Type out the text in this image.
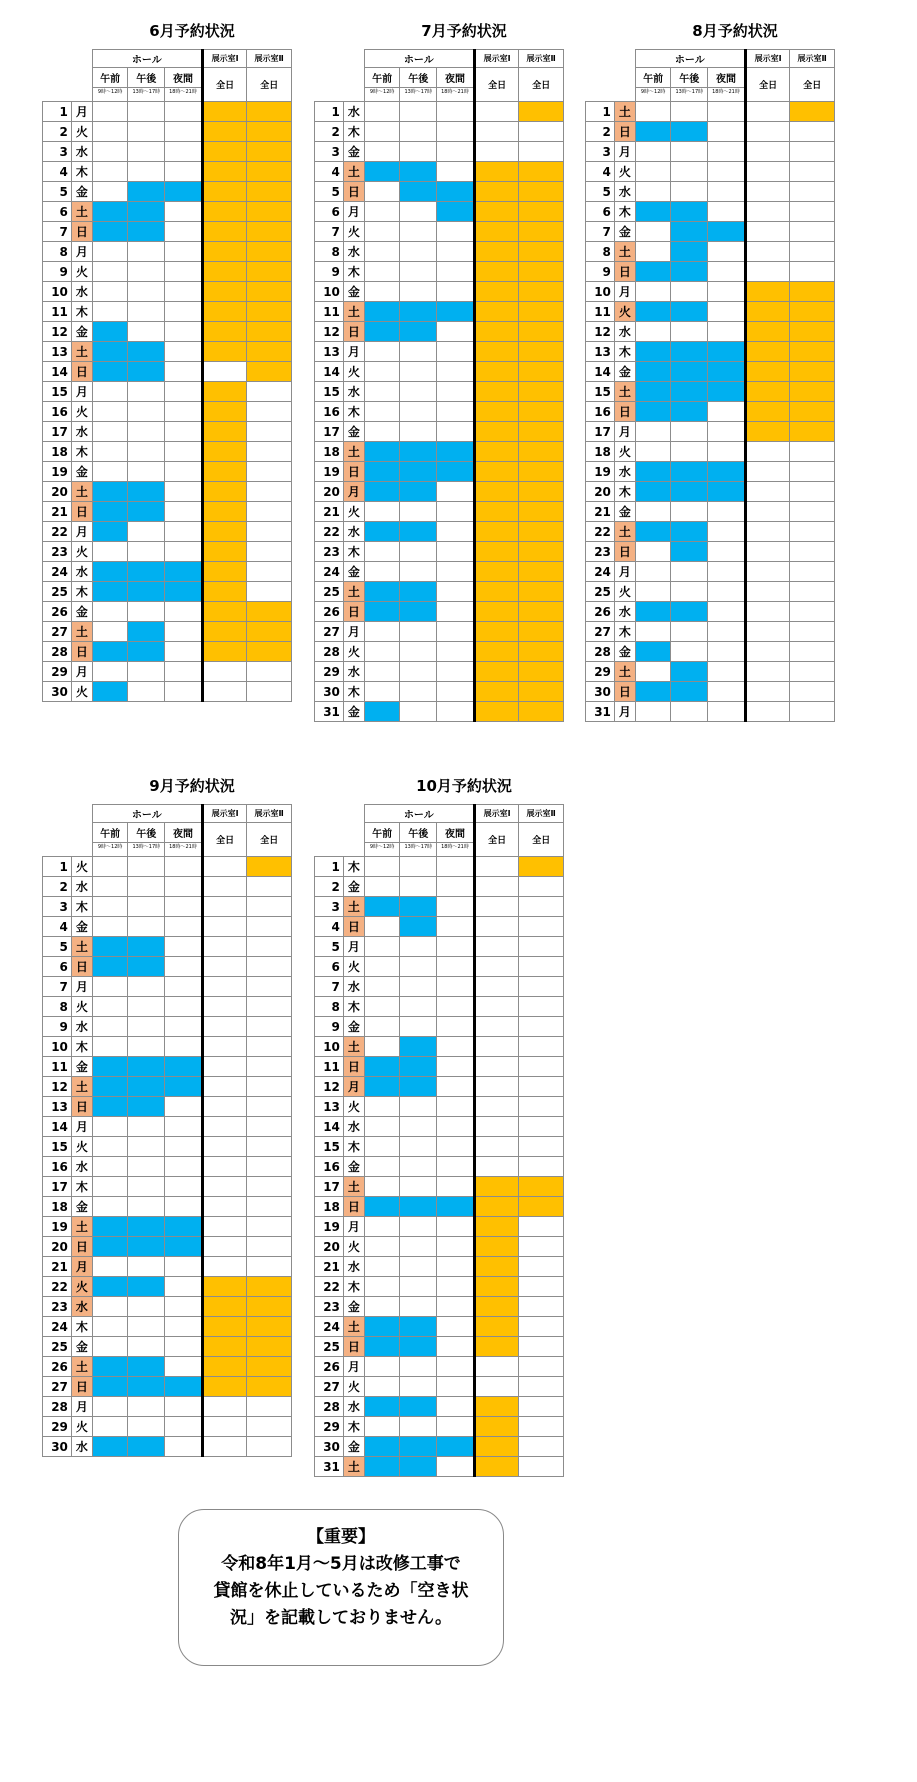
6月予約状況
		ホール			展示室Ⅰ	展示室Ⅱ
		午前	午後	夜間	全日	全日
		9時〜12時	13時〜17時	18時〜21時		
1	月					
2	火					
3	水					
4	木					
5	金					
6	土					
7	日					
8	月					
9	火					
10	水					
11	木					
12	金					
13	土					
14	日					
15	月					
16	火					
17	水					
18	木					
19	金					
20	土					
21	日					
22	月					
23	火					
24	水					
25	木					
26	金					
27	土					
28	日					
29	月					
30	火					
7月予約状況
		ホール			展示室Ⅰ	展示室Ⅱ
		午前	午後	夜間	全日	全日
		9時〜12時	13時〜17時	18時〜21時		
1	水					
2	木					
3	金					
4	土					
5	日					
6	月					
7	火					
8	水					
9	木					
10	金					
11	土					
12	日					
13	月					
14	火					
15	水					
16	木					
17	金					
18	土					
19	日					
20	月					
21	火					
22	水					
23	木					
24	金					
25	土					
26	日					
27	月					
28	火					
29	水					
30	木					
31	金					
8月予約状況
		ホール			展示室Ⅰ	展示室Ⅱ
		午前	午後	夜間	全日	全日
		9時〜12時	13時〜17時	18時〜21時		
1	土					
2	日					
3	月					
4	火					
5	水					
6	木					
7	金					
8	土					
9	日					
10	月					
11	火					
12	水					
13	木					
14	金					
15	土					
16	日					
17	月					
18	火					
19	水					
20	木					
21	金					
22	土					
23	日					
24	月					
25	火					
26	水					
27	木					
28	金					
29	土					
30	日					
31	月					
9月予約状況
		ホール			展示室Ⅰ	展示室Ⅱ
		午前	午後	夜間	全日	全日
		9時〜12時	13時〜17時	18時〜21時		
1	火					
2	水					
3	木					
4	金					
5	土					
6	日					
7	月					
8	火					
9	水					
10	木					
11	金					
12	土					
13	日					
14	月					
15	火					
16	水					
17	木					
18	金					
19	土					
20	日					
21	月					
22	火					
23	水					
24	木					
25	金					
26	土					
27	日					
28	月					
29	火					
30	水					
10月予約状況
		ホール			展示室Ⅰ	展示室Ⅱ
		午前	午後	夜間	全日	全日
		9時〜12時	13時〜17時	18時〜21時		
1	木					
2	金					
3	土					
4	日					
5	月					
6	火					
7	水					
8	木					
9	金					
10	土					
11	日					
12	月					
13	火					
14	水					
15	木					
16	金					
17	土					
18	日					
19	月					
20	火					
21	水					
22	木					
23	金					
24	土					
25	日					
26	月					
27	火					
28	水					
29	木					
30	金					
31	土					
【重要】
令和8年1月〜5月は改修工事で
貸館を休止しているため「空き状
況」を記載しておりません。
